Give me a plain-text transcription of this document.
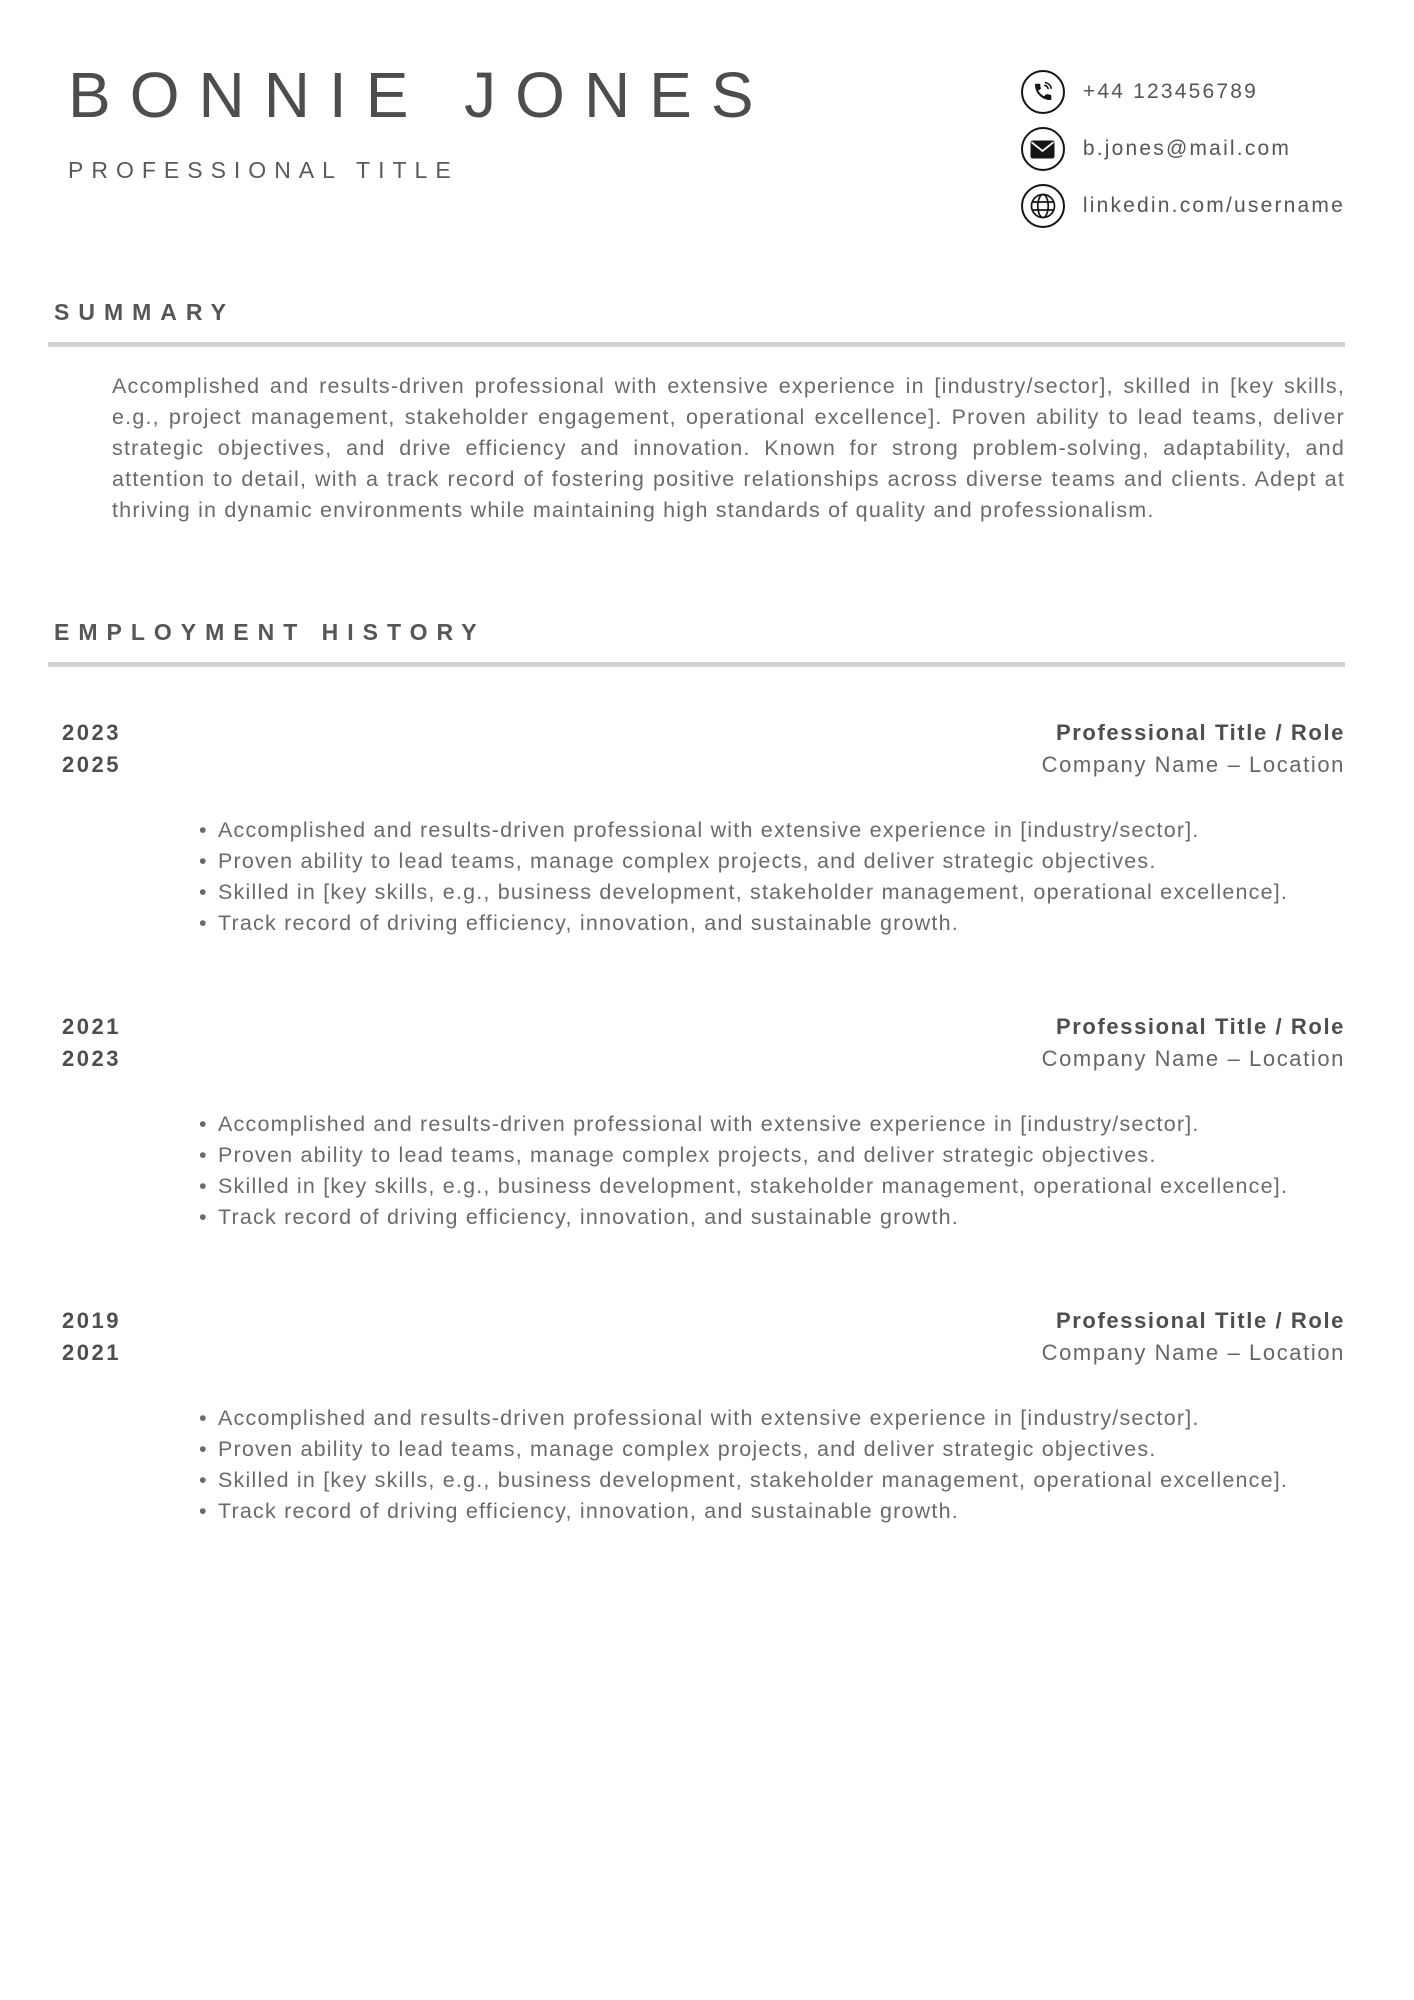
BONNIE JONES
PROFESSIONAL TITLE
+44 123456789
b.jones@mail.com
linkedin.com/username
SUMMARY

Accomplished and results-driven professional with extensive experience in [industry/sector], skilled in [key skills, e.g., project management, stakeholder engagement, operational excellence]. Proven ability to lead teams, deliver strategic objectives, and drive efficiency and innovation. Known for strong problem-solving, adaptability, and attention to detail, with a track record of fostering positive relationships across diverse teams and clients. Adept at thriving in dynamic environments while maintaining high standards of quality and professionalism.

EMPLOYMENT HISTORY
2023
2025
Professional Title / Role
Company Name – Location
• Accomplished and results-driven professional with extensive experience in [industry/sector].
• Proven ability to lead teams, manage complex projects, and deliver strategic objectives.
• Skilled in [key skills, e.g., business development, stakeholder management, operational excellence].
• Track record of driving efficiency, innovation, and sustainable growth.
2021
2023
Professional Title / Role
Company Name – Location
• Accomplished and results-driven professional with extensive experience in [industry/sector].
• Proven ability to lead teams, manage complex projects, and deliver strategic objectives.
• Skilled in [key skills, e.g., business development, stakeholder management, operational excellence].
• Track record of driving efficiency, innovation, and sustainable growth.
2019
2021
Professional Title / Role
Company Name – Location
• Accomplished and results-driven professional with extensive experience in [industry/sector].
• Proven ability to lead teams, manage complex projects, and deliver strategic objectives.
• Skilled in [key skills, e.g., business development, stakeholder management, operational excellence].
• Track record of driving efficiency, innovation, and sustainable growth.
